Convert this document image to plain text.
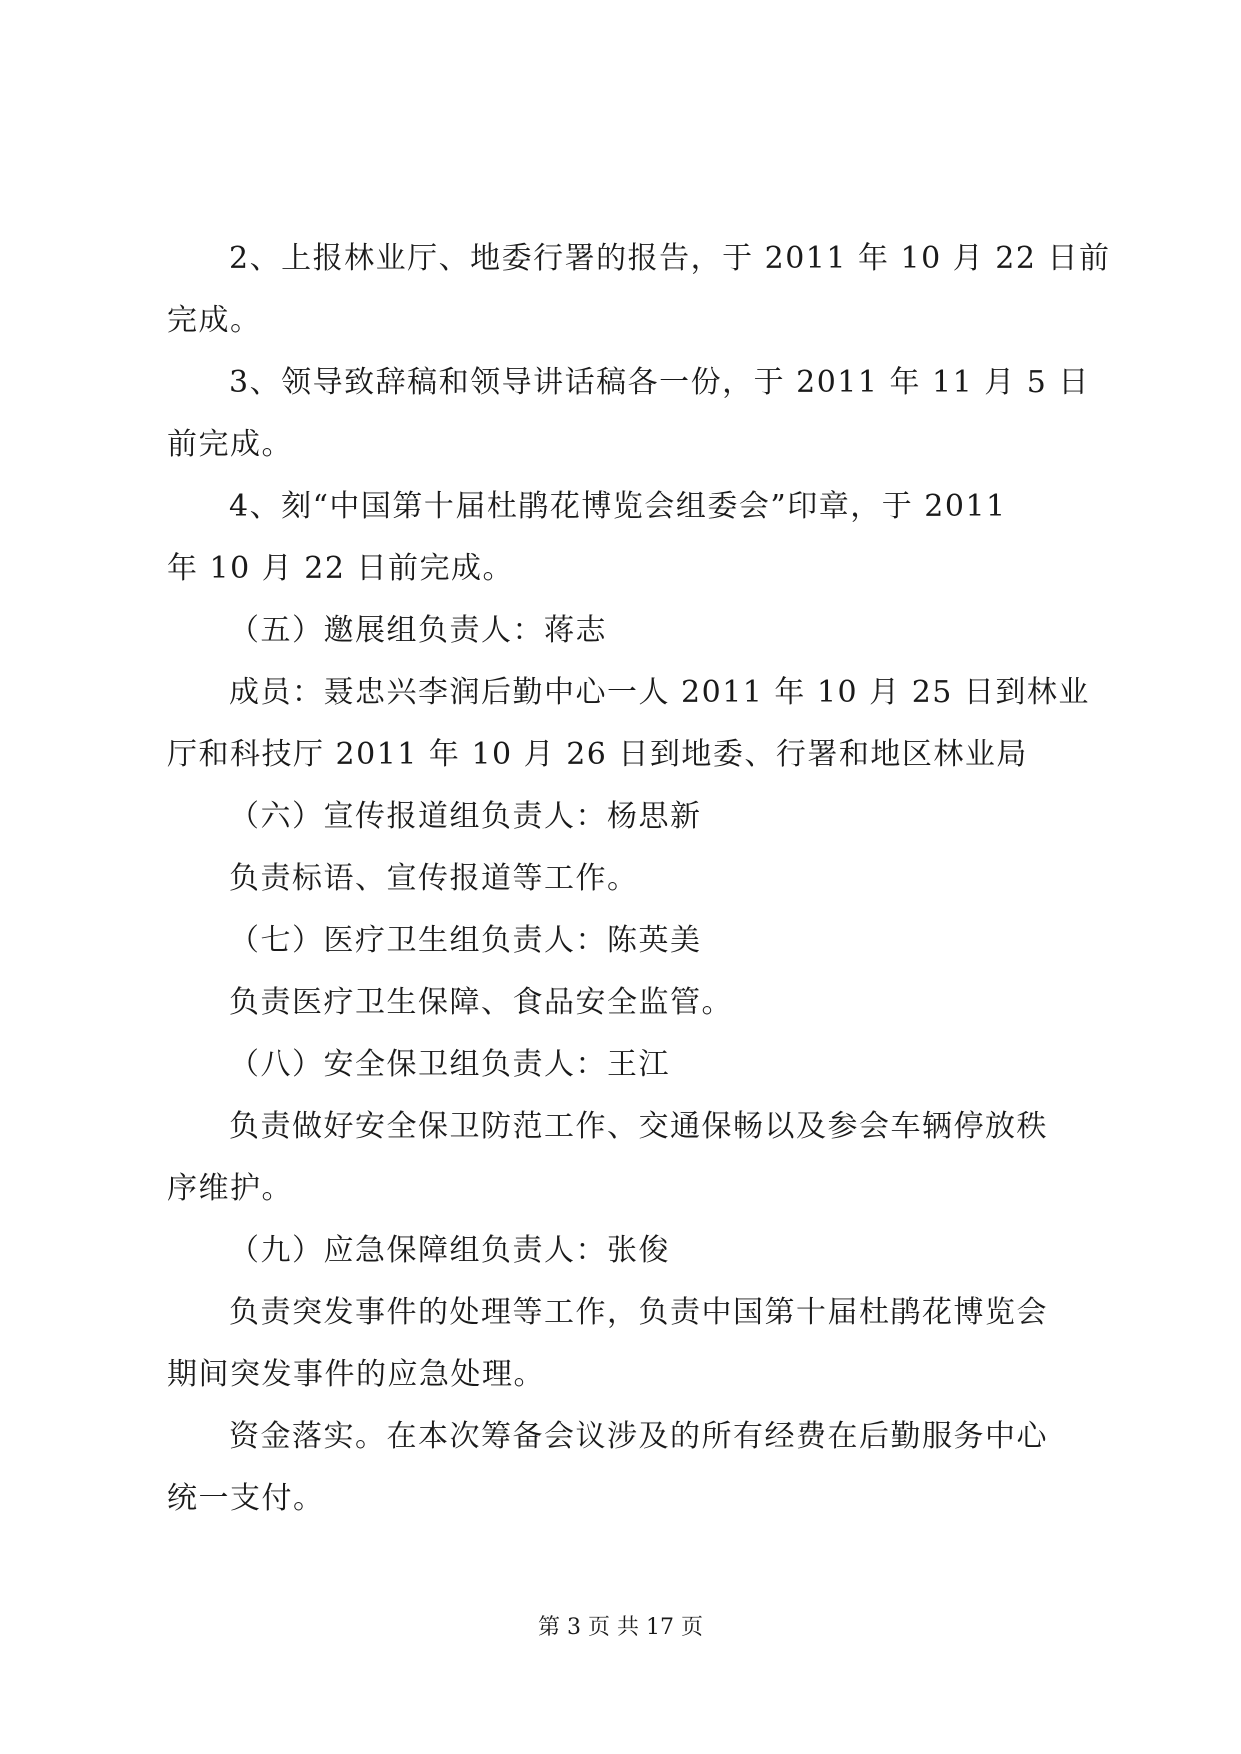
2、上报林业厅、地委行署的报告，于 2011 年 10 月 22 日前
完成。
3、领导致辞稿和领导讲话稿各一份，于 2011 年 11 月 5 日
前完成。
4、刻“中国第十届杜鹃花博览会组委会”印章，于 2011
年 10 月 22 日前完成。
（五）邀展组负责人：蒋志
成员：聂忠兴李润后勤中心一人 2011 年 10 月 25 日到林业
厅和科技厅 2011 年 10 月 26 日到地委、行署和地区林业局
（六）宣传报道组负责人：杨思新
负责标语、宣传报道等工作。
（七）医疗卫生组负责人：陈英美
负责医疗卫生保障、食品安全监管。
（八）安全保卫组负责人：王江
负责做好安全保卫防范工作、交通保畅以及参会车辆停放秩
序维护。
（九）应急保障组负责人：张俊
负责突发事件的处理等工作，负责中国第十届杜鹃花博览会
期间突发事件的应急处理。
资金落实。在本次筹备会议涉及的所有经费在后勤服务中心
统一支付。
第 3 页 共 17 页
